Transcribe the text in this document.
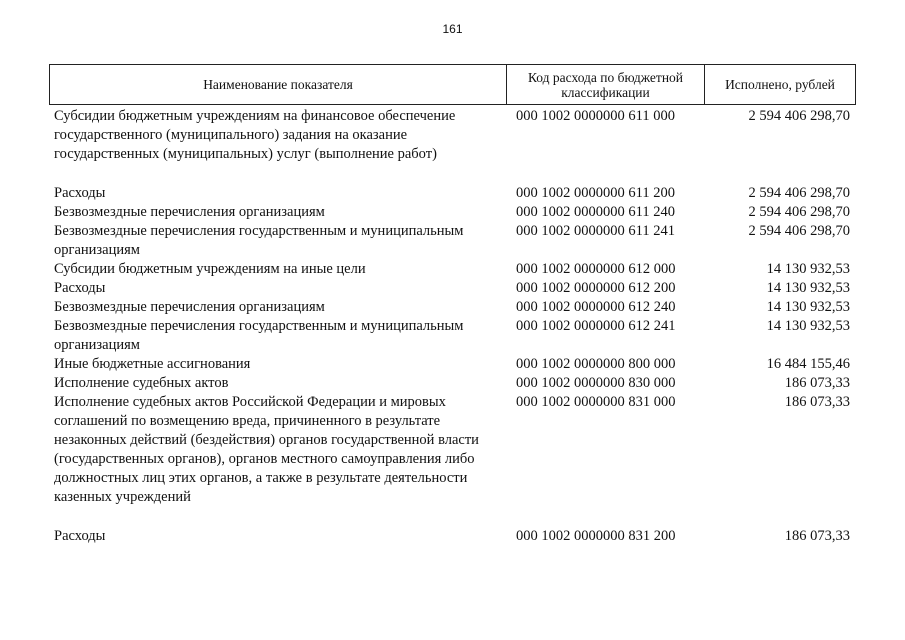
161
Наименование показателя	Код расхода по бюджетной классификации	Исполнено, рублей
Субсидии бюджетным учреждениям на финансовое обеспечение государственного (муниципального) задания на оказание государственных (муниципальных) услуг (выполнение работ)
000 1002 0000000 611 000	2 594 406 298,70
Расходы	000 1002 0000000 611 200	2 594 406 298,70
Безвозмездные перечисления организациям	000 1002 0000000 611 240	2 594 406 298,70
Безвозмездные перечисления государственным и муниципальным организациям
000 1002 0000000 611 241	2 594 406 298,70
Субсидии бюджетным учреждениям на иные цели	000 1002 0000000 612 000	14 130 932,53
Расходы	000 1002 0000000 612 200	14 130 932,53
Безвозмездные перечисления организациям	000 1002 0000000 612 240	14 130 932,53
Безвозмездные перечисления государственным и муниципальным организациям
000 1002 0000000 612 241	14 130 932,53
Иные бюджетные ассигнования	000 1002 0000000 800 000	16 484 155,46
Исполнение судебных актов	000 1002 0000000 830 000	186 073,33
Исполнение судебных актов Российской Федерации и мировых соглашений по возмещению вреда, причиненного в результате незаконных действий (бездействия) органов государственной власти (государственных органов), органов местного самоуправления либо должностных лиц этих органов, а также в результате деятельности казенных учреждений
000 1002 0000000 831 000	186 073,33
Расходы	000 1002 0000000 831 200	186 073,33
